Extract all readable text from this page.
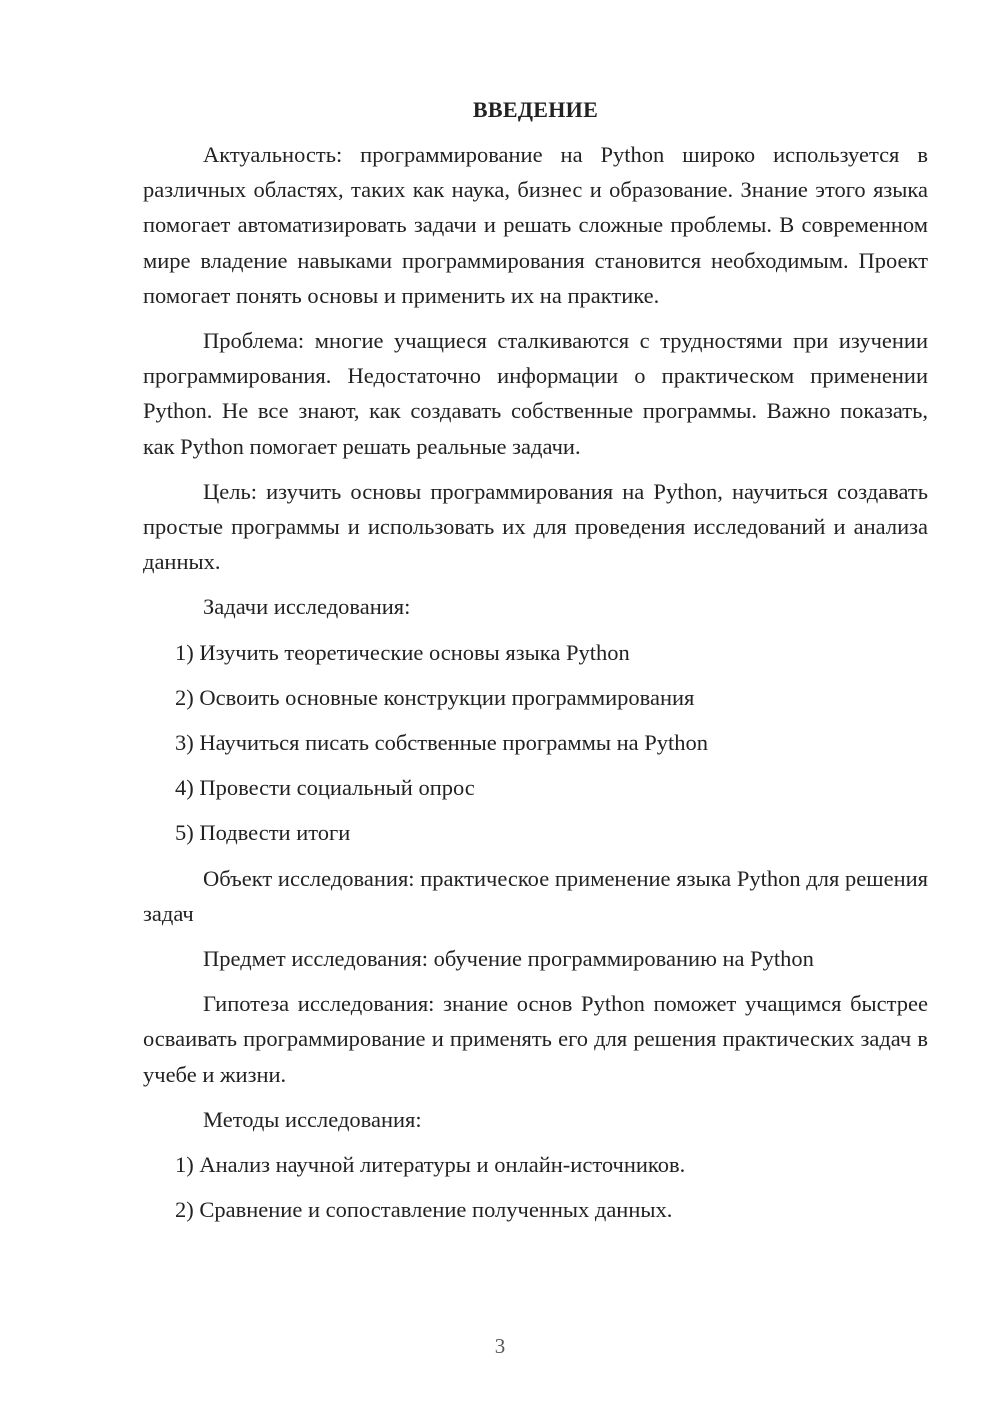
ВВЕДЕНИЕ

Актуальность: программирование на Python широко используется в различных областях, таких как наука, бизнес и образование. Знание этого языка помогает автоматизировать задачи и решать сложные проблемы. В современном мире владение навыками программирования становится необходимым. Проект помогает понять основы и применить их на практике.

Проблема: многие учащиеся сталкиваются с трудностями при изучении программирования. Недостаточно информации о практическом применении Python. Не все знают, как создавать собственные программы. Важно показать, как Python помогает решать реальные задачи.

Цель: изучить основы программирования на Python, научиться создавать простые программы и использовать их для проведения исследований и анализа данных.

Задачи исследования:

1) Изучить теоретические основы языка Python
2) Освоить основные конструкции программирования
3) Научиться писать собственные программы на Python
4) Провести социальный опрос
5) Подвести итоги

Объект исследования: практическое применение языка Python для решения задач

Предмет исследования: обучение программированию на Python

Гипотеза исследования: знание основ Python поможет учащимся быстрее осваивать программирование и применять его для решения практических задач в учебе и жизни.

Методы исследования:

1) Анализ научной литературы и онлайн-источников.
2) Сравнение и сопоставление полученных данных.
3
